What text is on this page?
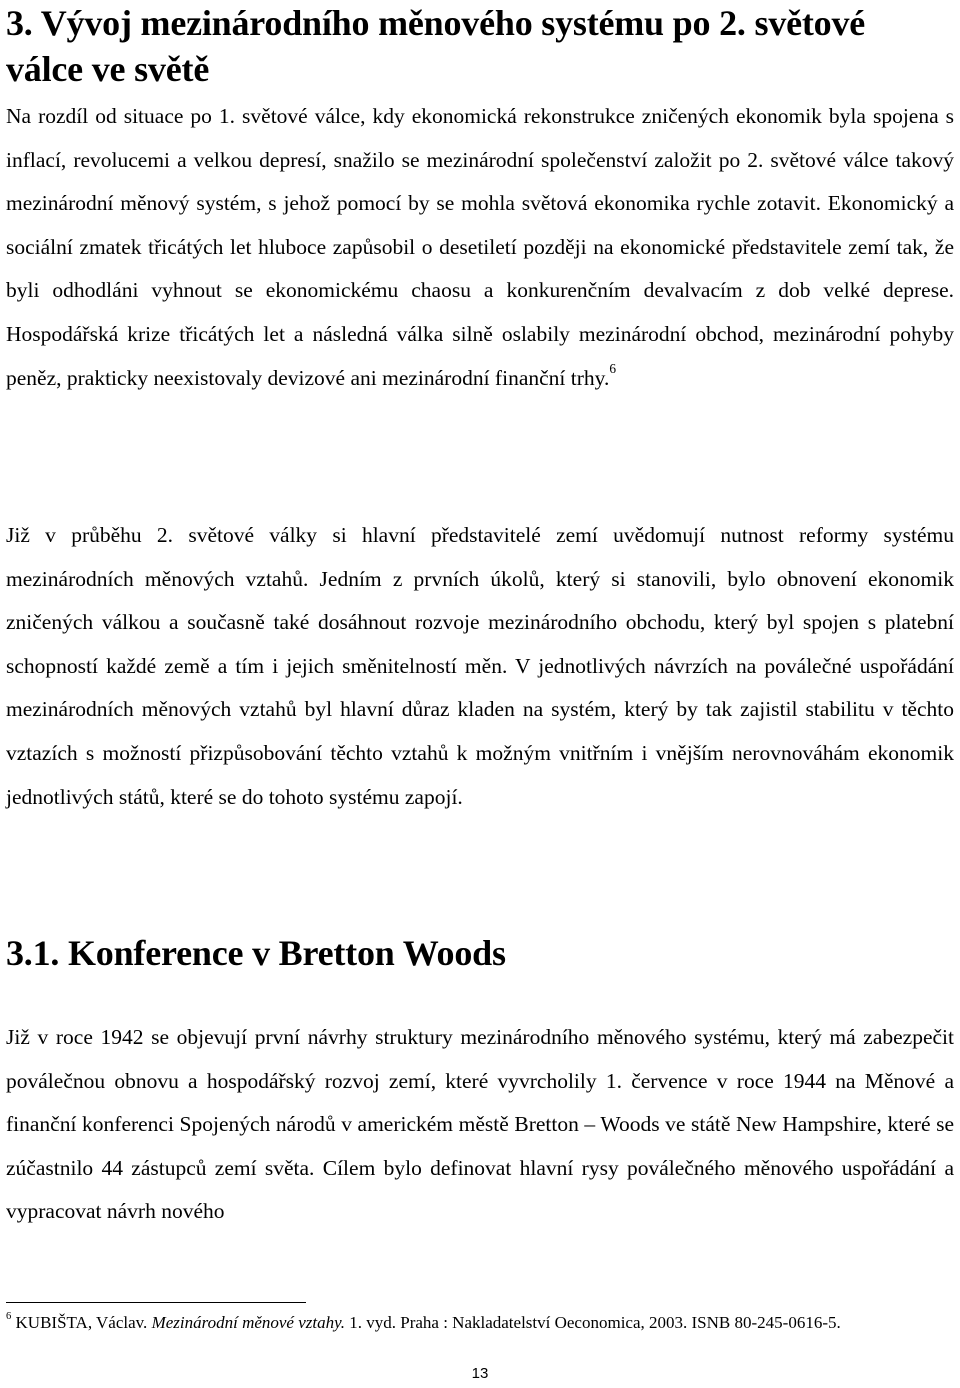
3. Vývoj mezinárodního měnového systému po 2. světové válce ve světě

Na rozdíl od situace po 1. světové válce, kdy ekonomická rekonstrukce zničených ekonomik byla spojena s inflací, revolucemi a velkou depresí, snažilo se mezinárodní společenství založit po 2. světové válce takový mezinárodní měnový systém, s jehož pomocí by se mohla světová ekonomika rychle zotavit. Ekonomický a sociální zmatek třicátých let hluboce zapůsobil o desetiletí později na ekonomické představitele zemí tak, že byli odhodláni vyhnout se ekonomickému chaosu a konkurenčním devalvacím z dob velké deprese. Hospodářská krize třicátých let a následná válka silně oslabily mezinárodní obchod, mezinárodní pohyby peněz, prakticky neexistovaly devizové ani mezinárodní finanční trhy.$^6$

Již v průběhu 2. světové války si hlavní představitelé zemí uvědomují nutnost reformy systému mezinárodních měnových vztahů. Jedním z prvních úkolů, který si stanovili, bylo obnovení ekonomik zničených válkou a současně také dosáhnout rozvoje mezinárodního obchodu, který byl spojen s platební schopností každé země a tím i jejich směnitelností měn. V jednotlivých návrzích na poválečné uspořádání mezinárodních měnových vztahů byl hlavní důraz kladen na systém, který by tak zajistil stabilitu v těchto vztazích s možností přizpůsobování těchto vztahů k možným vnitřním i vnějším nerovnováhám ekonomik jednotlivých států, které se do tohoto systému zapojí.

3.1. Konference v Bretton Woods

Již v roce 1942 se objevují první návrhy struktury mezinárodního měnového systému, který má zabezpečit poválečnou obnovu a hospodářský rozvoj zemí, které vyvrcholily 1. července v roce 1944 na Měnové a finanční konferenci Spojených národů v americkém městě Bretton – Woods ve státě New Hampshire, které se zúčastnilo 44 zástupců zemí světa. Cílem bylo definovat hlavní rysy poválečného měnového uspořádání a vypracovat návrh nového

$^6$ KUBIŠTA, Václav. Mezinárodní měnové vztahy. 1. vyd. Praha : Nakladatelství Oeconomica, 2003. ISNB 80-245-0616-5.

13
